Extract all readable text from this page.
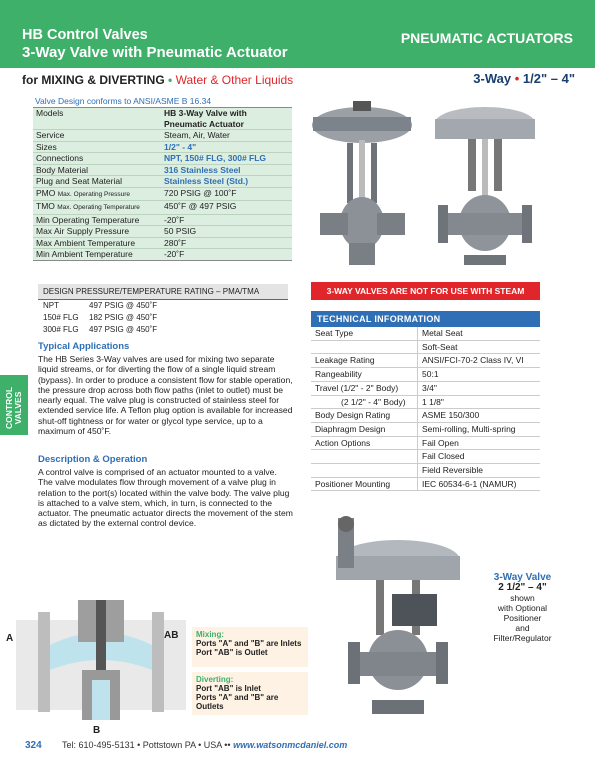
HB Control Valves
3-Way Valve with Pneumatic Actuator
PNEUMATIC ACTUATORS
for MIXING & DIVERTING • Water & Other Liquids	3-Way • 1/2" – 4"
Valve Design conforms to ANSI/ASME B 16.34
Models	HB 3-Way Valve with Pneumatic Actuator
Service	Steam, Air, Water
Sizes	1/2" - 4"
Connections	NPT, 150# FLG, 300# FLG
Body Material	316 Stainless Steel
Plug and Seat Material	Stainless Steel (Std.)
PMO Max. Operating Pressure	720 PSIG @ 100˚F
TMO Max. Operating Temperature	450˚F @ 497 PSIG
Min Operating Temperature	-20˚F
Max Air Supply Pressure	50 PSIG
Max Ambient Temperature	280˚F
Min Ambient Temperature	-20˚F
DESIGN PRESSURE/TEMPERATURE RATING – PMA/TMA
NPT	497 PSIG @ 450˚F
150# FLG	182 PSIG @ 450˚F
300# FLG	497 PSIG @ 450˚F
Typical Applications
The HB Series 3-Way valves are used for mixing two separate liquid streams, or for diverting the flow of a single liquid stream (bypass). In order to produce a consistent flow for stable operation, the pressure drop across both flow paths (inlet to outlet) must be nearly equal. The valve plug is constructed of stainless steel for extended service life. A Teflon plug option is available for increased shut-off tightness or for water or glycol type service, up to a maximum of 450˚F.
Description & Operation
A control valve is comprised of an actuator mounted to a valve. The valve modulates flow through movement of a valve plug in relation to the port(s) located within the valve body. The valve plug is attached to a valve stem, which, in turn, is connected to the actuator. The pneumatic actuator directs the movement of the stem as dictated by the external control device.
CONTROL VALVES
3-WAY VALVES ARE NOT FOR USE WITH STEAM
TECHNICAL INFORMATION
Seat Type	Metal Seat
Soft-Seat
Leakage Rating	ANSI/FCI-70-2 Class IV, VI
Rangeability	50:1
Travel (1/2" - 2" Body)	3/4"
(2 1/2" - 4" Body)	1 1/8"
Body Design Rating	ASME 150/300
Diaphragm Design	Semi-rolling, Multi-spring
Action Options	Fail Open
Fail Closed
Field Reversible
Positioner Mounting	IEC 60534-6-1 (NAMUR)
3-Way Valve
2 1/2" – 4"
shown
with Optional
Positioner
and
Filter/Regulator
A	AB
B
Mixing:
Ports "A" and "B" are Inlets
Port "AB" is Outlet
Diverting:
Port "AB" is Inlet
Ports "A" and "B" are Outlets
324 Tel: 610-495-5131 • Pottstown PA • USA •• www.watsonmcdaniel.com
